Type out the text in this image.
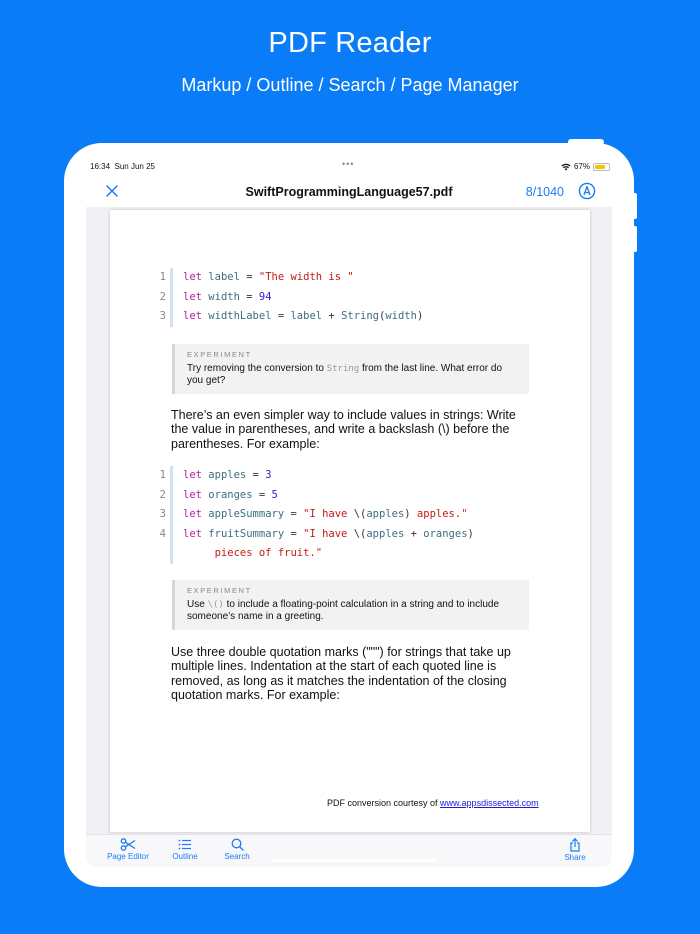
PDF Reader
Markup / Outline / Search / Page Manager
16:34 Sun Jun 25	•••	67%
SwiftProgrammingLanguage57.pdf	8/1040
1 let label = "The width is "
2 let width = 94
3 let widthLabel = label + String(width)
EXPERIMENT
Try removing the conversion to String from the last line. What error do you get?
There’s an even simpler way to include values in strings: Write the value in parentheses, and write a backslash (\) before the parentheses. For example:
1 let apples = 3
2 let oranges = 5
3 let appleSummary = "I have \(apples) apples."
4 let fruitSummary = "I have \(apples + oranges)
pieces of fruit."
EXPERIMENT
Use \() to include a floating-point calculation in a string and to include someone’s name in a greeting.
Use three double quotation marks (""") for strings that take up multiple lines. Indentation at the start of each quoted line is removed, as long as it matches the indentation of the closing quotation marks. For example:
PDF conversion courtesy of www.appsdissected.com
Page Editor	Outline	Search	Share
